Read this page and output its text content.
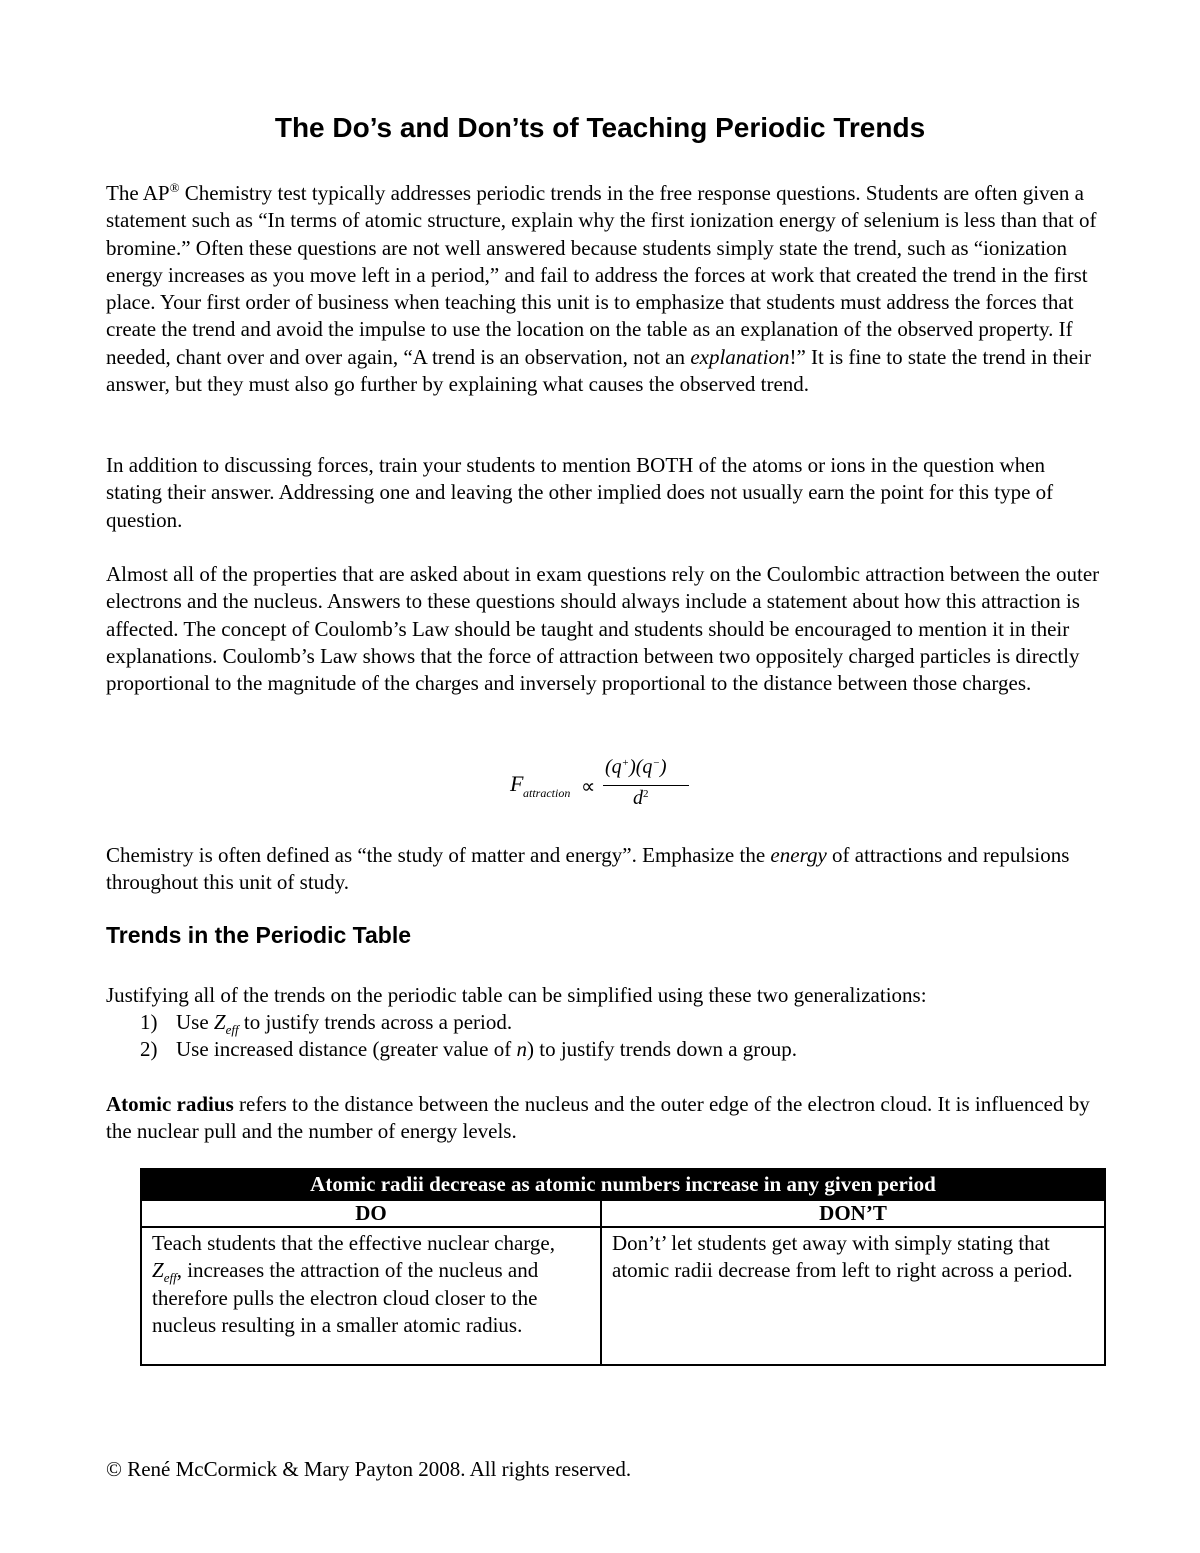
The Do’s and Don’ts of Teaching Periodic Trends

The AP® Chemistry test typically addresses periodic trends in the free response questions. Students are often given a statement such as “In terms of atomic structure, explain why the first ionization energy of selenium is less than that of bromine.” Often these questions are not well answered because students simply state the trend, such as “ionization energy increases as you move left in a period,” and fail to address the forces at work that created the trend in the first place. Your first order of business when teaching this unit is to emphasize that students must address the forces that create the trend and avoid the impulse to use the location on the table as an explanation of the observed property. If needed, chant over and over again, “A trend is an observation, not an explanation!” It is fine to state the trend in their answer, but they must also go further by explaining what causes the observed trend.

In addition to discussing forces, train your students to mention BOTH of the atoms or ions in the question when stating their answer. Addressing one and leaving the other implied does not usually earn the point for this type of question.

Almost all of the properties that are asked about in exam questions rely on the Coulombic attraction between the outer electrons and the nucleus. Answers to these questions should always include a statement about how this attraction is affected. The concept of Coulomb’s Law should be taught and students should be encouraged to mention it in their explanations. Coulomb’s Law shows that the force of attraction between two oppositely charged particles is directly proportional to the magnitude of the charges and inversely proportional to the distance between those charges.

F attraction ∝
(q+)(q−)
$d^2$

Chemistry is often defined as “the study of matter and energy”. Emphasize the energy of attractions and repulsions throughout this unit of study.

Trends in the Periodic Table

Justifying all of the trends on the periodic table can be simplified using these two generalizations:

1) Use $Z_{eff}$ to justify trends across a period.
2) Use increased distance (greater value of n) to justify trends down a group.

Atomic radius refers to the distance between the nucleus and the outer edge of the electron cloud. It is influenced by the nuclear pull and the number of energy levels.

Atomic radii decrease as atomic numbers increase in any given period	
DO	DON’T
Teach students that the effective nuclear charge, $Z_{eff}$, increases the attraction of the nucleus and therefore pulls the electron cloud closer to the nucleus resulting in a smaller atomic radius.	Don’t’ let students get away with simply stating that atomic radii decrease from left to right across a period.

© René McCormick & Mary Payton 2008. All rights reserved.
